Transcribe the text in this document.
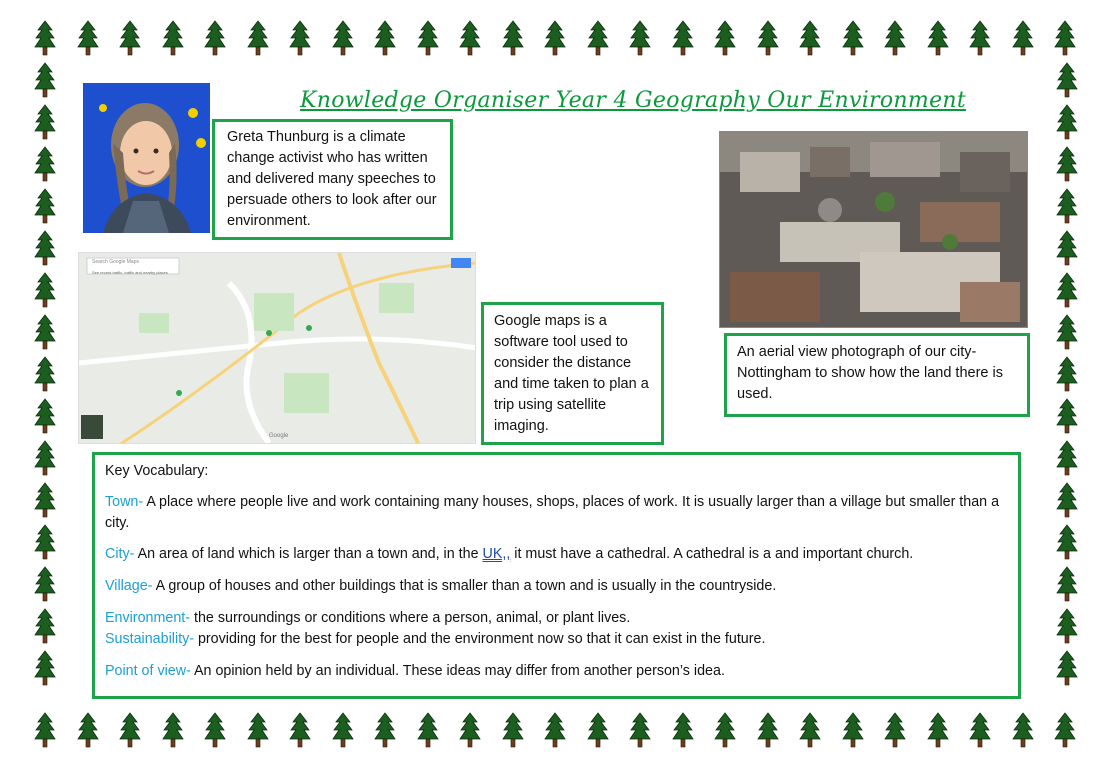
Knowledge Organiser Year 4 Geography Our Environment
Greta Thunburg is a climate change activist who has written and delivered many speeches to persuade others to look after our environment.
Search Google Maps
See recent traffic, traffic and nearby places
Google
Google maps is a software tool used to consider the distance and time taken to plan a trip using satellite imaging.
An aerial view photograph of our city- Nottingham to show how the land there is used.

Key Vocabulary:

Town- A place where people live and work containing many houses, shops, places of work. It is usually larger than a village but smaller than a city.

City- An area of land which is larger than a town and, in the UK,, it must have a cathedral. A cathedral is a and important church.

Village- A group of houses and other buildings that is smaller than a town and is usually in the countryside.

Environment- the surroundings or conditions where a person, animal, or plant lives.

Sustainability- providing for the best for people and the environment now so that it can exist in the future.

Point of view- An opinion held by an individual. These ideas may differ from another person’s idea.
